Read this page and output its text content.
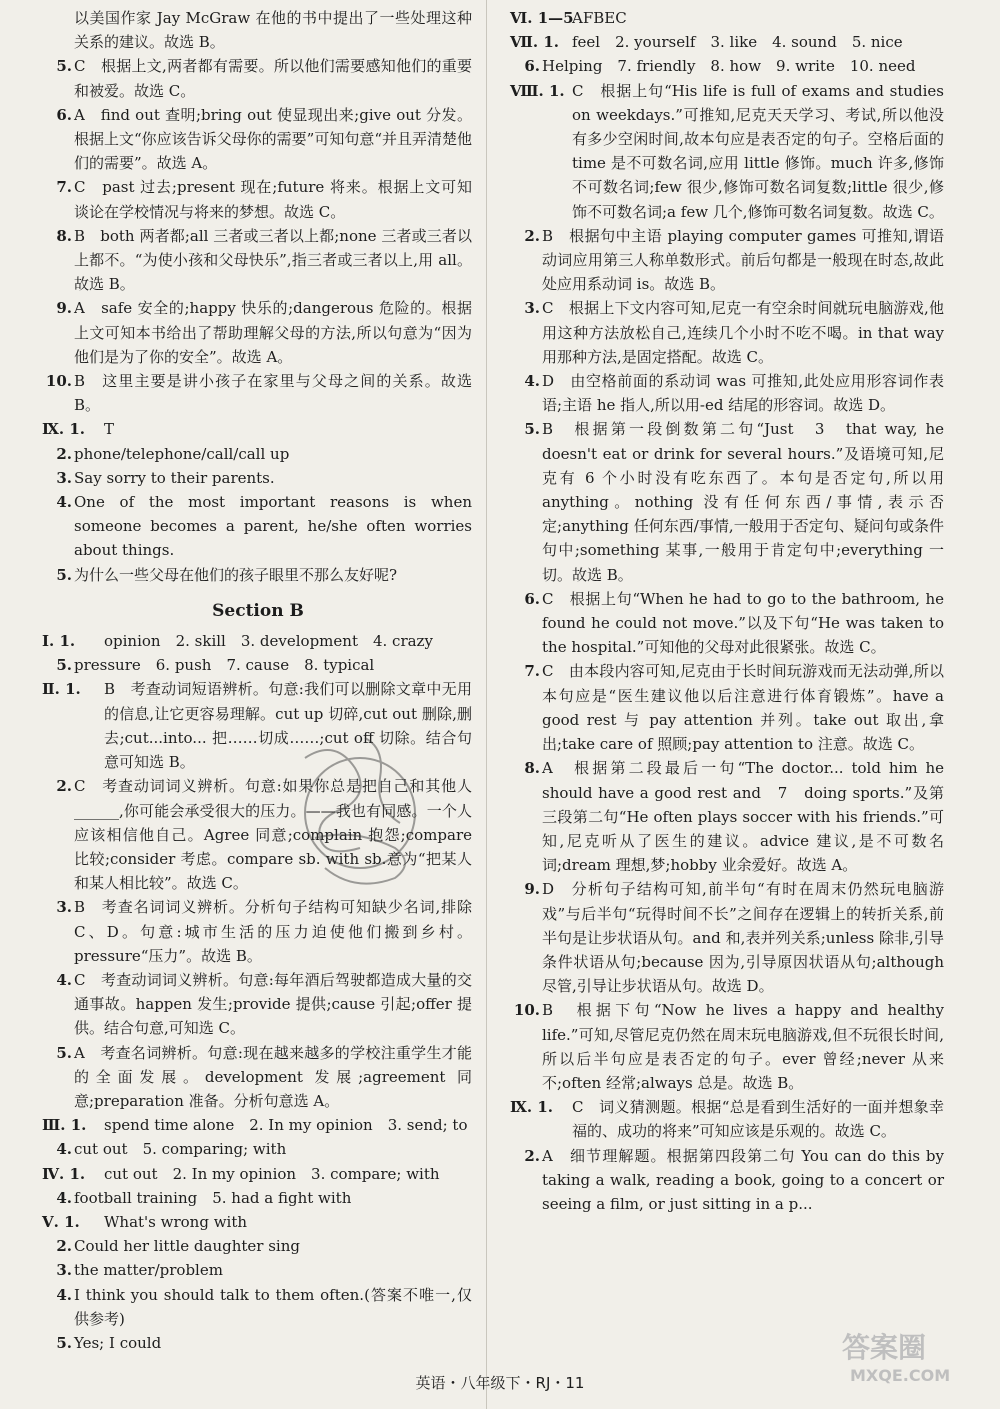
以美国作家 Jay McGraw 在他的书中提出了一些处理这种关系的建议。故选 B。
5. C　根据上文,两者都有需要。所以他们需要感知他们的重要和被爱。故选 C。
6. A　find out 查明;bring out 使显现出来;give out 分发。根据上文“你应该告诉父母你的需要”可知句意“并且弄清楚他们的需要”。故选 A。
7. C　past 过去;present 现在;future 将来。根据上文可知谈论在学校情况与将来的梦想。故选 C。
8. B　both 两者都;all 三者或三者以上都;none 三者或三者以上都不。“为使小孩和父母快乐”,指三者或三者以上,用 all。故选 B。
9. A　safe 安全的;happy 快乐的;dangerous 危险的。根据上文可知本书给出了帮助理解父母的方法,所以句意为“因为他们是为了你的安全”。故选 A。
10. B　这里主要是讲小孩子在家里与父母之间的关系。故选 B。
Ⅸ. 1. T
2. phone/telephone/call/call up
3. Say sorry to their parents.
4. One of the most important reasons is when someone becomes a parent, he/she often worries about things.
5. 为什么一些父母在他们的孩子眼里不那么友好呢?
Section B
Ⅰ. 1. opinion　2. skill　3. development　4. crazy
5. pressure　6. push　7. cause　8. typical
Ⅱ. 1. B　考查动词短语辨析。句意:我们可以删除文章中无用的信息,让它更容易理解。cut up 切碎,cut out 删除,删去;cut...into... 把……切成……;cut off 切除。结合句意可知选 B。
2. C　考查动词词义辨析。句意:如果你总是把自己和其他人______,你可能会承受很大的压力。——我也有同感。一个人应该相信他自己。Agree 同意;complain 抱怨;compare 比较;consider 考虑。compare sb. with sb.意为“把某人和某人相比较”。故选 C。
3. B　考查名词词义辨析。分析句子结构可知缺少名词,排除 C、D。句意:城市生活的压力迫使他们搬到乡村。pressure“压力”。故选 B。
4. C　考查动词词义辨析。句意:每年酒后驾驶都造成大量的交通事故。happen 发生;provide 提供;cause 引起;offer 提供。结合句意,可知选 C。
5. A　考查名词辨析。句意:现在越来越多的学校注重学生才能的全面发展。development 发展;agreement 同意;preparation 准备。分析句意选 A。
Ⅲ. 1. spend time alone　2. In my opinion　3. send; to
4. cut out　5. comparing; with
Ⅳ. 1. cut out　2. In my opinion　3. compare; with
4. football training　5. had a fight with
Ⅴ. 1. What's wrong with
2. Could her little daughter sing
3. the matter/problem
4. I think you should talk to them often.(答案不唯一,仅供参考)
5. Yes; I could
Ⅵ. 1—5
AFBEC
Ⅶ. 1. feel　2. yourself　3. like　4. sound　5. nice
6. Helping　7. friendly　8. how　9. write　10. need
Ⅷ. 1. C　根据上句“His life is full of exams and studies on weekdays.”可推知,尼克天天学习、考试,所以他没有多少空闲时间,故本句应是表否定的句子。空格后面的 time 是不可数名词,应用 little 修饰。much 许多,修饰不可数名词;few 很少,修饰可数名词复数;little 很少,修饰不可数名词;a few 几个,修饰可数名词复数。故选 C。
2. B　根据句中主语 playing computer games 可推知,谓语动词应用第三人称单数形式。前后句都是一般现在时态,故此处应用系动词 is。故选 B。
3. C　根据上下文内容可知,尼克一有空余时间就玩电脑游戏,他用这种方法放松自己,连续几个小时不吃不喝。in that way 用那种方法,是固定搭配。故选 C。
4. D　由空格前面的系动词 was 可推知,此处应用形容词作表语;主语 he 指人,所以用-ed 结尾的形容词。故选 D。
5. B　根据第一段倒数第二句“Just　3　that way, he doesn't eat or drink for several hours.”及语境可知,尼克有 6 个小时没有吃东西了。本句是否定句,所以用 anything。nothing 没有任何东西/事情,表示否定;anything 任何东西/事情,一般用于否定句、疑问句或条件句中;something 某事,一般用于肯定句中;everything 一切。故选 B。
6. C　根据上句“When he had to go to the bathroom, he found he could not move.”以及下句“He was taken to the hospital.”可知他的父母对此很紧张。故选 C。
7. C　由本段内容可知,尼克由于长时间玩游戏而无法动弹,所以本句应是“医生建议他以后注意进行体育锻炼”。have a good rest 与 pay attention 并列。take out 取出,拿出;take care of 照顾;pay attention to 注意。故选 C。
8. A　根据第二段最后一句“The doctor... told him he should have a good rest and　7　doing sports.”及第三段第二句“He often plays soccer with his friends.”可知,尼克听从了医生的建议。advice 建议,是不可数名词;dream 理想,梦;hobby 业余爱好。故选 A。
9. D　分析句子结构可知,前半句“有时在周末仍然玩电脑游戏”与后半句“玩得时间不长”之间存在逻辑上的转折关系,前半句是让步状语从句。and 和,表并列关系;unless 除非,引导条件状语从句;because 因为,引导原因状语从句;although 尽管,引导让步状语从句。故选 D。
10. B　根据下句“Now he lives a happy and healthy life.”可知,尽管尼克仍然在周末玩电脑游戏,但不玩很长时间,所以后半句应是表否定的句子。ever 曾经;never 从来不;often 经常;always 总是。故选 B。
Ⅸ. 1. C　词义猜测题。根据“总是看到生活好的一面并想象幸福的、成功的将来”可知应该是乐观的。故选 C。
2. A　细节理解题。根据第四段第二句 You can do this by taking a walk, reading a book, going to a concert or seeing a film, or just sitting in a p...
答案圈
MXQE.COM
英语・八年级下・RJ・11
